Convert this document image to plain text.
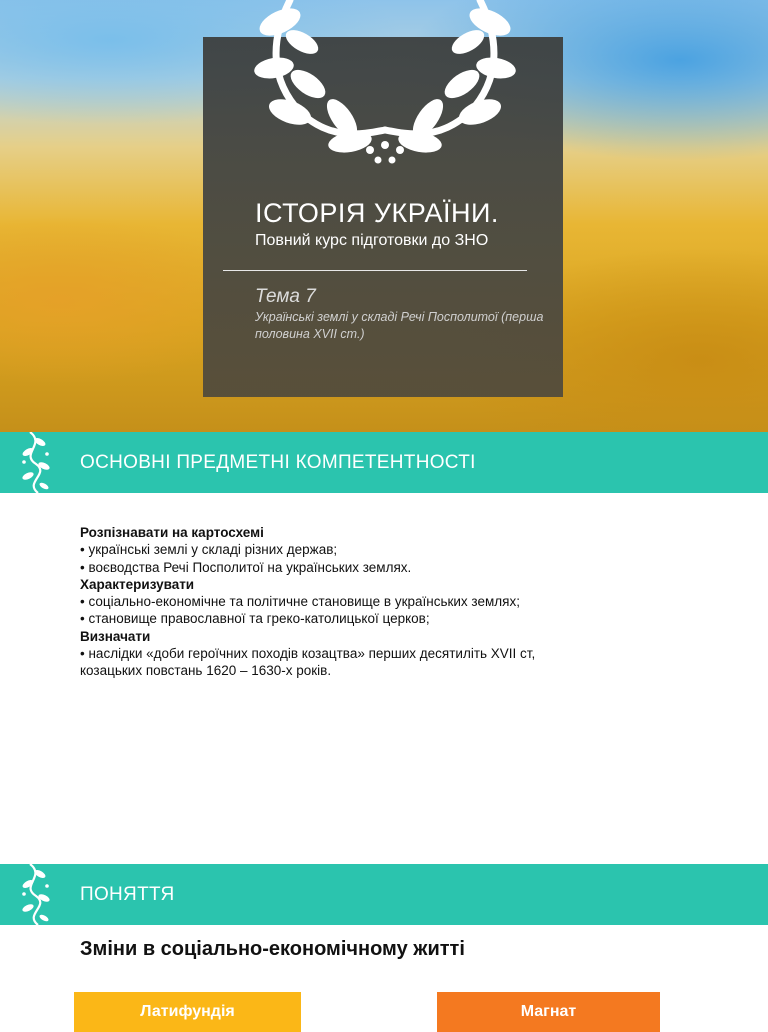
ІСТОРІЯ УКРАЇНИ.
Повний курс підготовки до ЗНО
Тема 7
Українські землі у складі Речі Посполитої (перша половина XVII ст.)
ОСНОВНІ ПРЕДМЕТНІ КОМПЕТЕНТНОСТІ
Розпізнавати на картосхемі
• українські землі у складі різних держав;
• воєводства Речі Посполитої на українських землях.
Характеризувати
• соціально-економічне та політичне становище в українських землях;
• становище православної та греко-католицької церков;
Визначати
• наслідки «доби героїчних походів козацтва» перших десятиліть XVII ст,
козацьких повстань 1620 – 1630-х років.
ПОНЯТТЯ
Зміни в соціально-економічному житті
Латифундія	Магнат
